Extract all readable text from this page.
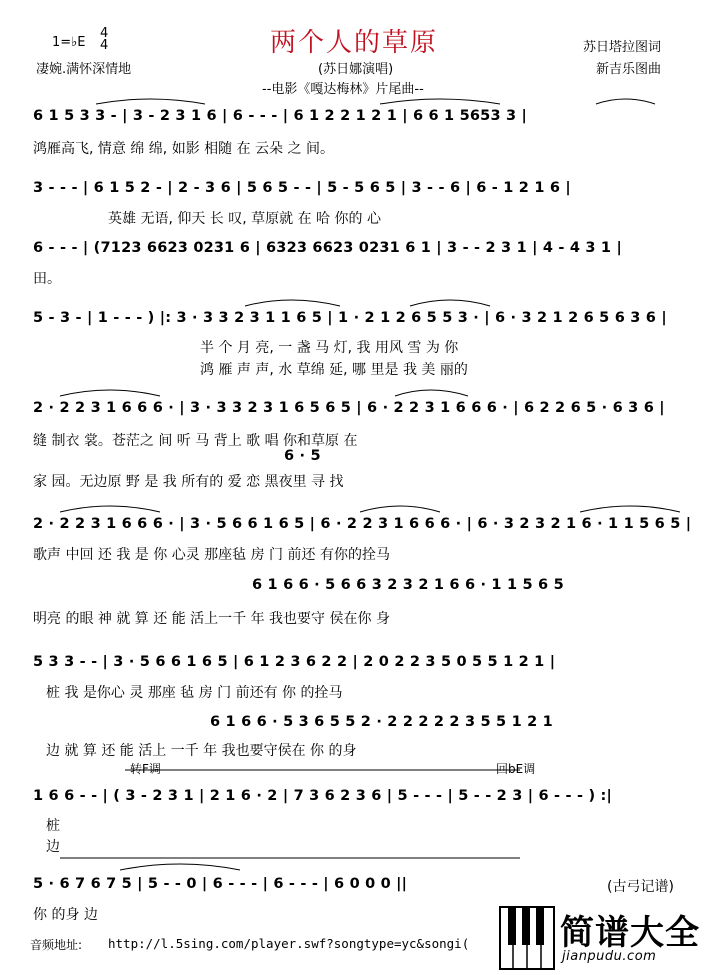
两个人的草原
1=♭E
4
4
凄婉.满怀深情地	(苏日娜演唱)
--电影《嘎达梅林》片尾曲--
苏日塔拉图词
新吉乐图曲
6 1 5 3 3 - | 3 - 2 3 1 6 | 6 - - - | 6 1 2 2 1 2 1 | 6 6 1 5653 3 |
鸿雁高飞, 情意 绵 绵, 如影 相随 在 云朵 之 间。
3 - - - | 6 1 5 2 - | 2 - 3 6 | 5 6 5 - - | 5 - 5 6 5 | 3 - - 6 | 6 - 1 2 1 6 |
英雄 无语, 仰天 长 叹, 草原就 在 哈 你的 心
6 - - - | (7123 6623 0231 6 | 6323 6623 0231 6 1 | 3 - - 2 3 1 | 4 - 4 3 1 |
田。
5 - 3 - | 1 - - - ) |: 3 · 3 3 2 3 1 1 6 5 | 1 · 2 1 2 6 5 5 3 · | 6 · 3 2 1 2 6 5 6 3 6 |
半 个 月 亮, 一 盏 马 灯, 我 用风 雪 为 你
鸿 雁 声 声, 水 草绵 延, 哪 里是 我 美 丽的
2 · 2 2 3 1 6 6 6 · | 3 · 3 3 2 3 1 6 5 6 5 | 6 · 2 2 3 1 6 6 6 · | 6 2 2 6 5 · 6 3 6 |
缝 制衣 裳。苍茫之 间 听 马 背上 歌 唱 你和草原 在
6 · 5
家 园。无边原 野 是 我 所有的 爱 恋 黑夜里 寻 找
2 · 2 2 3 1 6 6 6 · | 3 · 5 6 6 1 6 5 | 6 · 2 2 3 1 6 6 6 · | 6 · 3 2 3 2 1 6 · 1 1 5 6 5 |
歌声 中回 还 我 是 你 心灵 那座毡 房 门 前还 有你的拴马
6 1 6 6 · 5 6 6 3 2 3 2 1 6 6 · 1 1 5 6 5
明亮 的眼 神 就 算 还 能 活上一千 年 我也要守 侯在你 身
5 3 3 - - | 3 · 5 6 6 1 6 5 | 6 1 2 3 6 2 2 | 2 0 2 2 3 5 0 5 5 1 2 1 |
桩 我 是你心 灵 那座 毡 房 门 前还有 你 的拴马
6 1 6 6 · 5 3 6 5 5 2 · 2 2 2 2 2 3 5 5 1 2 1
边 就 算 还 能 活上 一千 年 我也要守侯在 你 的身
转F调	回bE调
1 6 6 - - | ( 3 - 2 3 1 | 2 1 6 · 2 | 7 3 6 2 3 6 | 5 - - - | 5 - - 2 3 | 6 - - - ) :|
桩
边
5 · 6 7 6 7 5 | 5 - - 0 | 6 - - - | 6 - - - | 6 0 0 0 ||
你 的身 边
(古弓记谱)
音频地址: http://l.5sing.com/player.swf?songtype=yc&songi(	简谱大全
jianpudu.com
